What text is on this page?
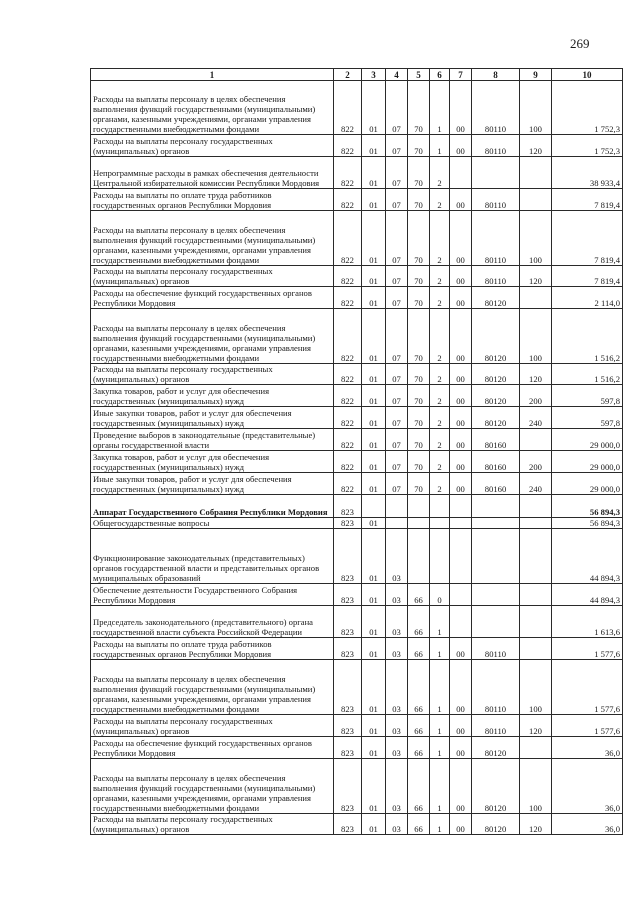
269
1	2	3	4	5	6	7	8	9	10
Расходы на выплаты персоналу в целях обеспечения выполнения функций государственными (муниципальными) органами, казенными учреждениями, органами управления государственными внебюджетными фондами	822	01	07	70	1	00	80110	100	1 752,3
Расходы на выплаты персоналу государственных (муниципальных) органов	822	01	07	70	1	00	80110	120	1 752,3
Непрограммные расходы в рамках обеспечения деятельности Центральной избирательной комиссии Республики Мордовия	822	01	07	70	2				38 933,4
Расходы на выплаты по оплате труда работников государственных органов Республики Мордовия	822	01	07	70	2	00	80110		7 819,4
Расходы на выплаты персоналу в целях обеспечения выполнения функций государственными (муниципальными) органами, казенными учреждениями, органами управления государственными внебюджетными фондами	822	01	07	70	2	00	80110	100	7 819,4
Расходы на выплаты персоналу государственных (муниципальных) органов	822	01	07	70	2	00	80110	120	7 819,4
Расходы на обеспечение функций государственных органов Республики Мордовия	822	01	07	70	2	00	80120		2 114,0
Расходы на выплаты персоналу в целях обеспечения выполнения функций государственными (муниципальными) органами, казенными учреждениями, органами управления государственными внебюджетными фондами	822	01	07	70	2	00	80120	100	1 516,2
Расходы на выплаты персоналу государственных (муниципальных) органов	822	01	07	70	2	00	80120	120	1 516,2
Закупка товаров, работ и услуг для обеспечения государственных (муниципальных) нужд	822	01	07	70	2	00	80120	200	597,8
Иные закупки товаров, работ и услуг для обеспечения государственных (муниципальных) нужд	822	01	07	70	2	00	80120	240	597,8
Проведение выборов в законодательные (представительные) органы государственной власти	822	01	07	70	2	00	80160		29 000,0
Закупка товаров, работ и услуг для обеспечения государственных (муниципальных) нужд	822	01	07	70	2	00	80160	200	29 000,0
Иные закупки товаров, работ и услуг для обеспечения государственных (муниципальных) нужд	822	01	07	70	2	00	80160	240	29 000,0
Аппарат Государственного Собрания Республики Мордовия	823								56 894,3
Общегосударственные вопросы	823	01							56 894,3
Функционирование законодательных (представительных) органов государственной власти и представительных органов муниципальных образований	823	01	03						44 894,3
Обеспечение деятельности Государственного Собрания Республики Мордовия	823	01	03	66	0				44 894,3
Председатель законодательного (представительного) органа государственной власти субъекта Российской Федерации	823	01	03	66	1				1 613,6
Расходы на выплаты по оплате труда работников государственных органов Республики Мордовия	823	01	03	66	1	00	80110		1 577,6
Расходы на выплаты персоналу в целях обеспечения выполнения функций государственными (муниципальными) органами, казенными учреждениями, органами управления государственными внебюджетными фондами	823	01	03	66	1	00	80110	100	1 577,6
Расходы на выплаты персоналу государственных (муниципальных) органов	823	01	03	66	1	00	80110	120	1 577,6
Расходы на обеспечение функций государственных органов Республики Мордовия	823	01	03	66	1	00	80120		36,0
Расходы на выплаты персоналу в целях обеспечения выполнения функций государственными (муниципальными) органами, казенными учреждениями, органами управления государственными внебюджетными фондами	823	01	03	66	1	00	80120	100	36,0
Расходы на выплаты персоналу государственных (муниципальных) органов	823	01	03	66	1	00	80120	120	36,0
